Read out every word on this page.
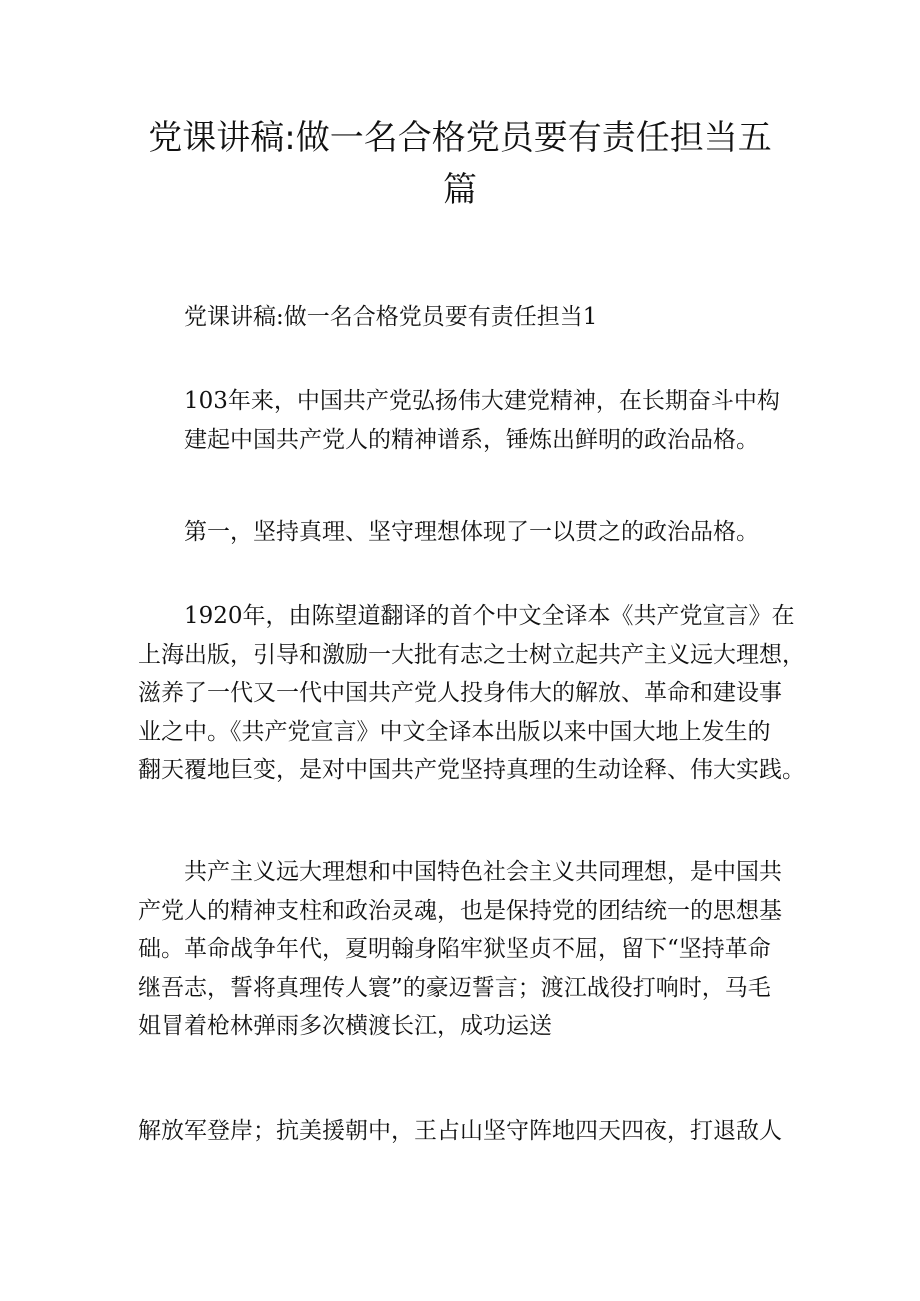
党课讲稿:做一名合格党员要有责任担当五
篇

党课讲稿:做一名合格党员要有责任担当1

103年来，中国共产党弘扬伟大建党精神，在长期奋斗中构
建起中国共产党人的精神谱系，锤炼出鲜明的政治品格。

第一，坚持真理、坚守理想体现了一以贯之的政治品格。

1920年，由陈望道翻译的首个中文全译本《共产党宣言》在
上海出版，引导和激励一大批有志之士树立起共产主义远大理想，
滋养了一代又一代中国共产党人投身伟大的解放、革命和建设事
业之中。《共产党宣言》中文全译本出版以来中国大地上发生的
翻天覆地巨变，是对中国共产党坚持真理的生动诠释、伟大实践。

共产主义远大理想和中国特色社会主义共同理想，是中国共
产党人的精神支柱和政治灵魂，也是保持党的团结统一的思想基
础。革命战争年代，夏明翰身陷牢狱坚贞不屈，留下“坚持革命
继吾志，誓将真理传人寰”的豪迈誓言；渡江战役打响时，马毛
姐冒着枪林弹雨多次横渡长江，成功运送

解放军登岸；抗美援朝中，王占山坚守阵地四天四夜，打退敌人
